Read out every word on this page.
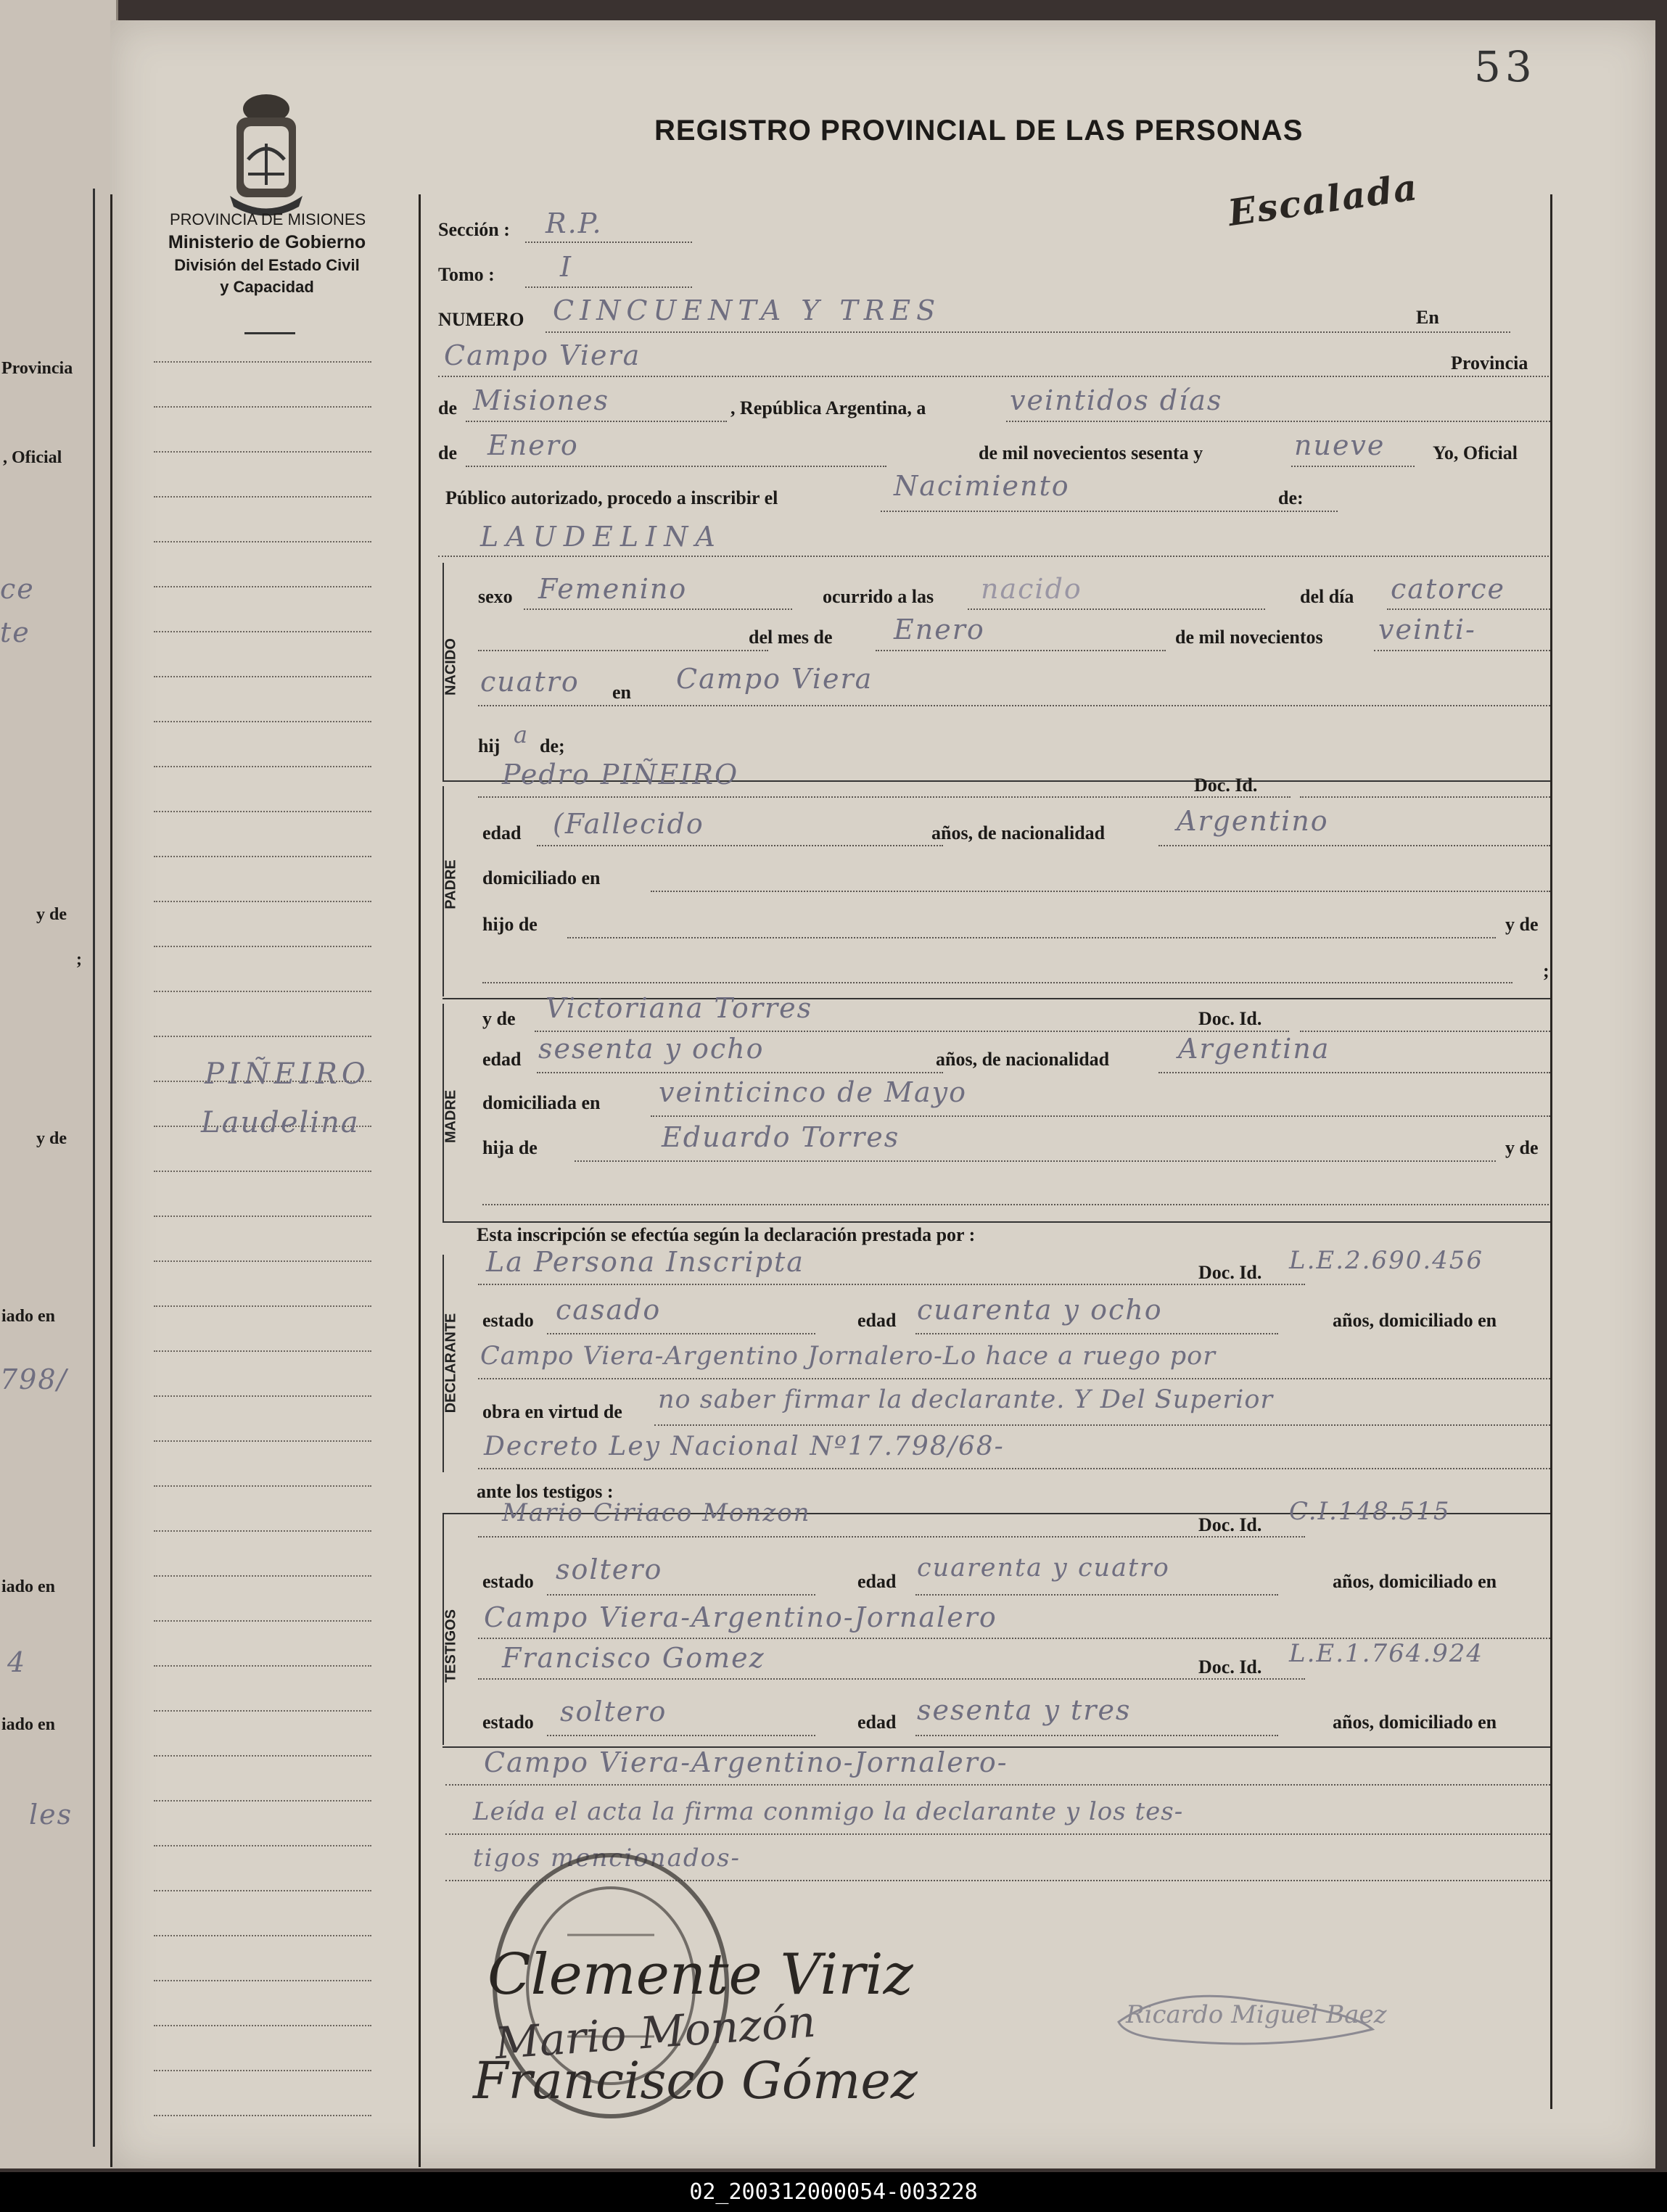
Provincia
, Oficial
ce
te
y de
;
y de
iado en
798/
iado en
4
iado en
les
53
PROVINCIA DE MISIONES
Ministerio de Gobierno
División del Estado Civil
y Capacidad
PIÑEIRO
Laudelina
REGISTRO PROVINCIAL DE LAS PERSONAS
Escalada
Sección : R.P.
Tomo : I
NUMERO CINCUENTA Y TRES	En
Campo Viera	Provincia
de Misiones	, República Argentina, a	veintidos días
de Enero	de mil novecientos sesenta y	nueve	Yo, Oficial
Público autorizado, procedo a inscribir el	Nacimiento	de:
LAUDELINA
NACIDO
sexo Femenino	ocurrido a las nacido	del día catorce
del mes de Enero	de mil novecientos veinti-
cuatro en Campo Viera
hij a de;
PADRE
Pedro PIÑEIRO	Doc. Id.
edad (Fallecido	años, de nacionalidad	Argentino
domiciliado en
hijo de	y de
;
MADRE
y de Victoriana Torres	Doc. Id.
edad sesenta y ocho	años, de nacionalidad Argentina
domiciliada en veinticinco de Mayo
hija de	Eduardo Torres	y de
Esta inscripción se efectúa según la declaración prestada por :
DECLARANTE
La Persona Inscripta	Doc. Id. L.E.2.690.456
estado casado	edad cuarenta y ocho	años, domiciliado en
Campo Viera-Argentino Jornalero-Lo hace a ruego por
obra en virtud de no saber firmar la declarante. Y Del Superior
Decreto Ley Nacional Nº17.798/68-
ante los testigos :
TESTIGOS
Mario Ciriaco Monzon	Doc. Id. C.I.148.515
estado soltero	edad cuarenta y cuatro	años, domiciliado en
Campo Viera-Argentino-Jornalero
Francisco Gomez	Doc. Id. L.E.1.764.924
estado soltero	edad sesenta y tres	años, domiciliado en
Campo Viera-Argentino-Jornalero-
Leída el acta la firma conmigo la declarante y los tes-
tigos mencionados-
Clemente Viriz
Mario Monzón
Francisco Gómez
Ricardo Miguel Baez
02_200312000054-003228
